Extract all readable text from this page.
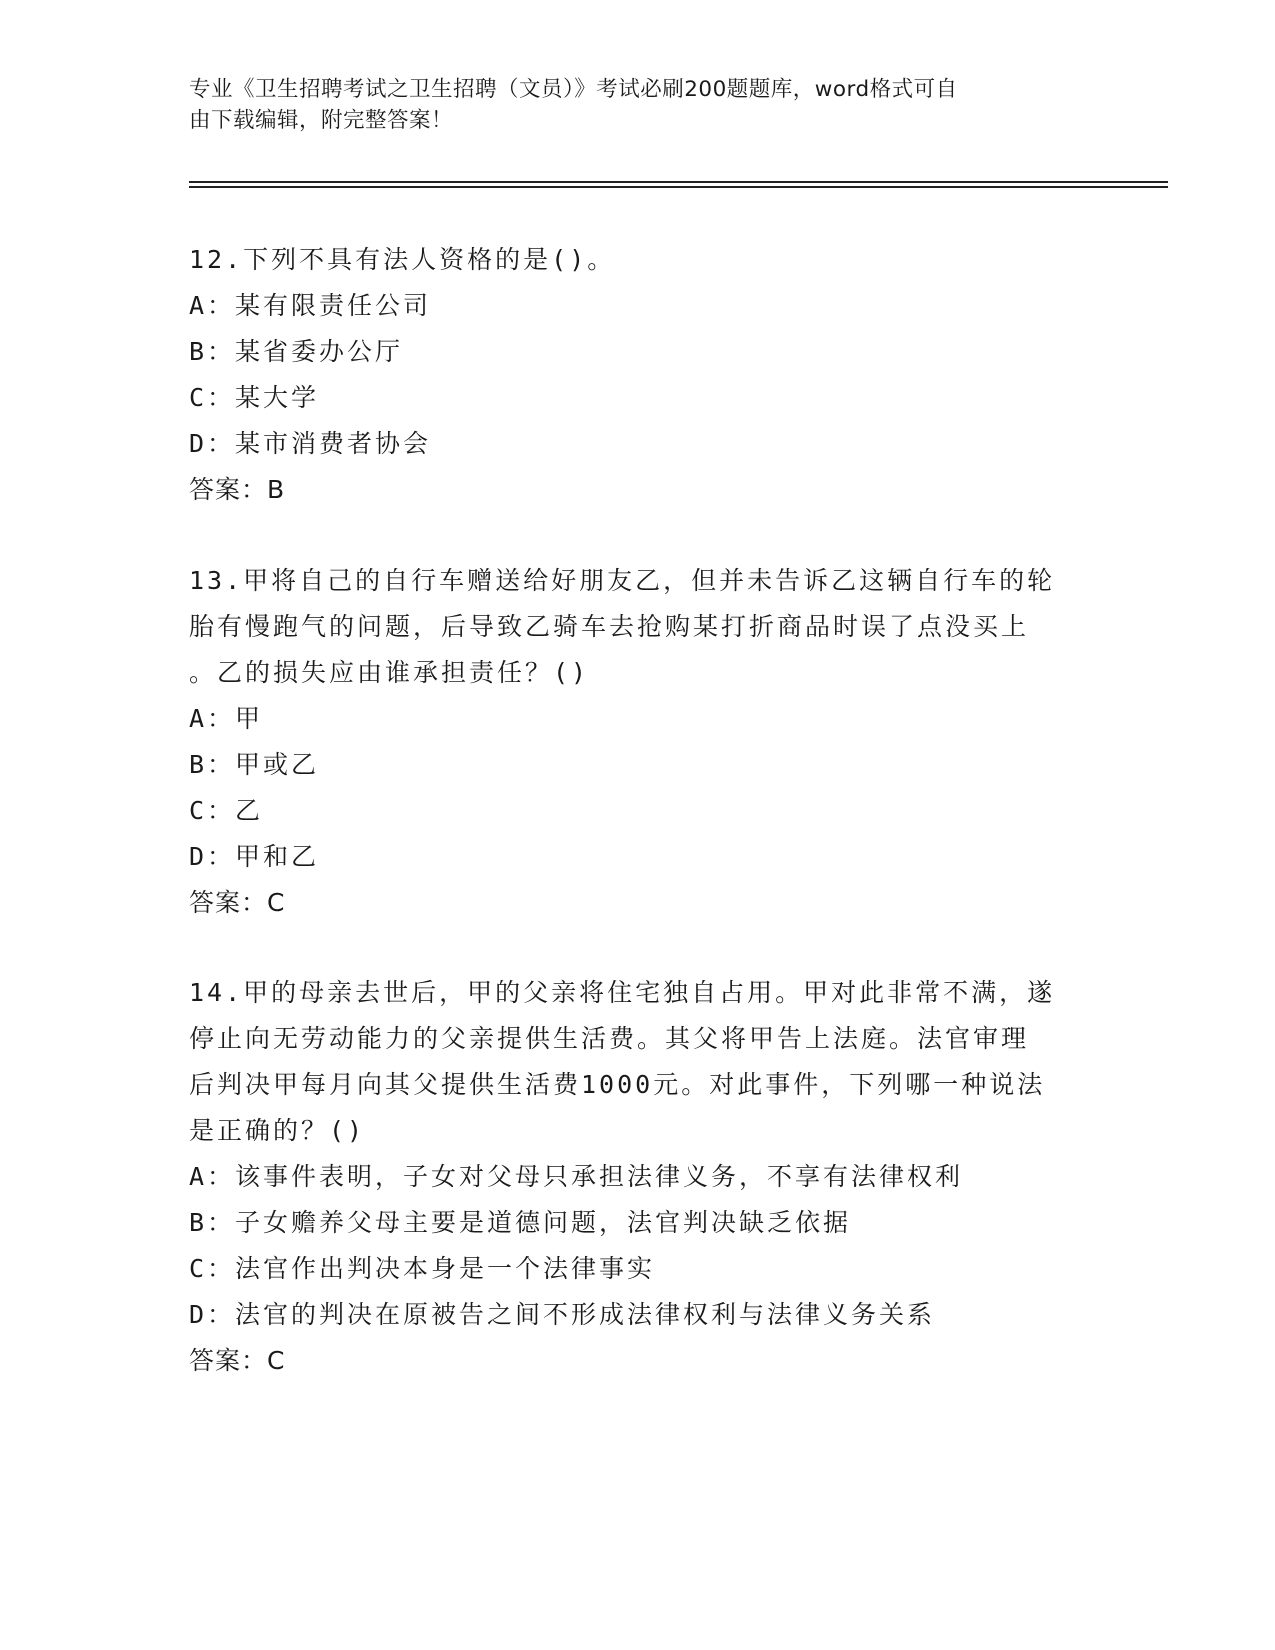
专业《卫生招聘考试之卫生招聘（文员）》考试必刷200题题库，word格式可自
由下载编辑，附完整答案！
12.下列不具有法人资格的是()。
A：某有限责任公司
B：某省委办公厅
C：某大学
D：某市消费者协会
答案：B
13.甲将自己的自行车赠送给好朋友乙，但并未告诉乙这辆自行车的轮
胎有慢跑气的问题，后导致乙骑车去抢购某打折商品时误了点没买上
。乙的损失应由谁承担责任？()
A：甲
B：甲或乙
C：乙
D：甲和乙
答案：C
14.甲的母亲去世后，甲的父亲将住宅独自占用。甲对此非常不满，遂
停止向无劳动能力的父亲提供生活费。其父将甲告上法庭。法官审理
后判决甲每月向其父提供生活费1000元。对此事件，下列哪一种说法
是正确的？()
A：该事件表明，子女对父母只承担法律义务，不享有法律权利
B：子女赡养父母主要是道德问题，法官判决缺乏依据
C：法官作出判决本身是一个法律事实
D：法官的判决在原被告之间不形成法律权利与法律义务关系
答案：C
